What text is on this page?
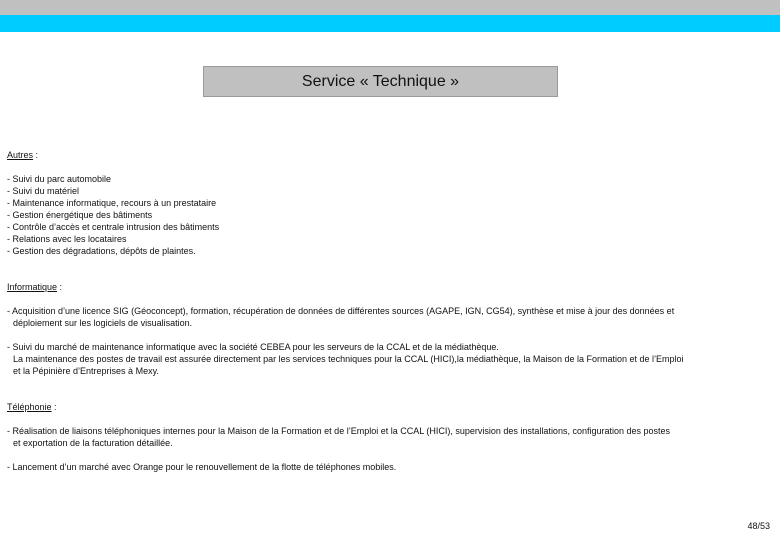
Service « Technique »
Autres :
- Suivi du parc automobile
- Suivi du matériel
- Maintenance informatique, recours à un prestataire
- Gestion énergétique des bâtiments
- Contrôle d’accès et centrale intrusion des bâtiments
- Relations avec les locataires
- Gestion des dégradations, dépôts de plaintes.
Informatique :
- Acquisition d’une licence SIG (Géoconcept), formation, récupération de données de différentes sources (AGAPE, IGN, CG54), synthèse et mise à jour des données et
déploiement sur les logiciels de visualisation.
- Suivi du marché de maintenance informatique avec la société CEBEA pour les serveurs de la CCAL et de la médiathèque.
La maintenance des postes de travail est assurée directement par les services techniques pour la CCAL (HICI),la médiathèque, la Maison de la Formation et de l’Emploi
et la Pépinière d’Entreprises à Mexy.
Téléphonie :
- Réalisation de liaisons téléphoniques internes pour la Maison de la Formation et de l’Emploi et la CCAL (HICI), supervision des installations, configuration des postes
et exportation de la facturation détaillée.
- Lancement d’un marché avec Orange pour le renouvellement de la flotte de téléphones mobiles.
48/53
